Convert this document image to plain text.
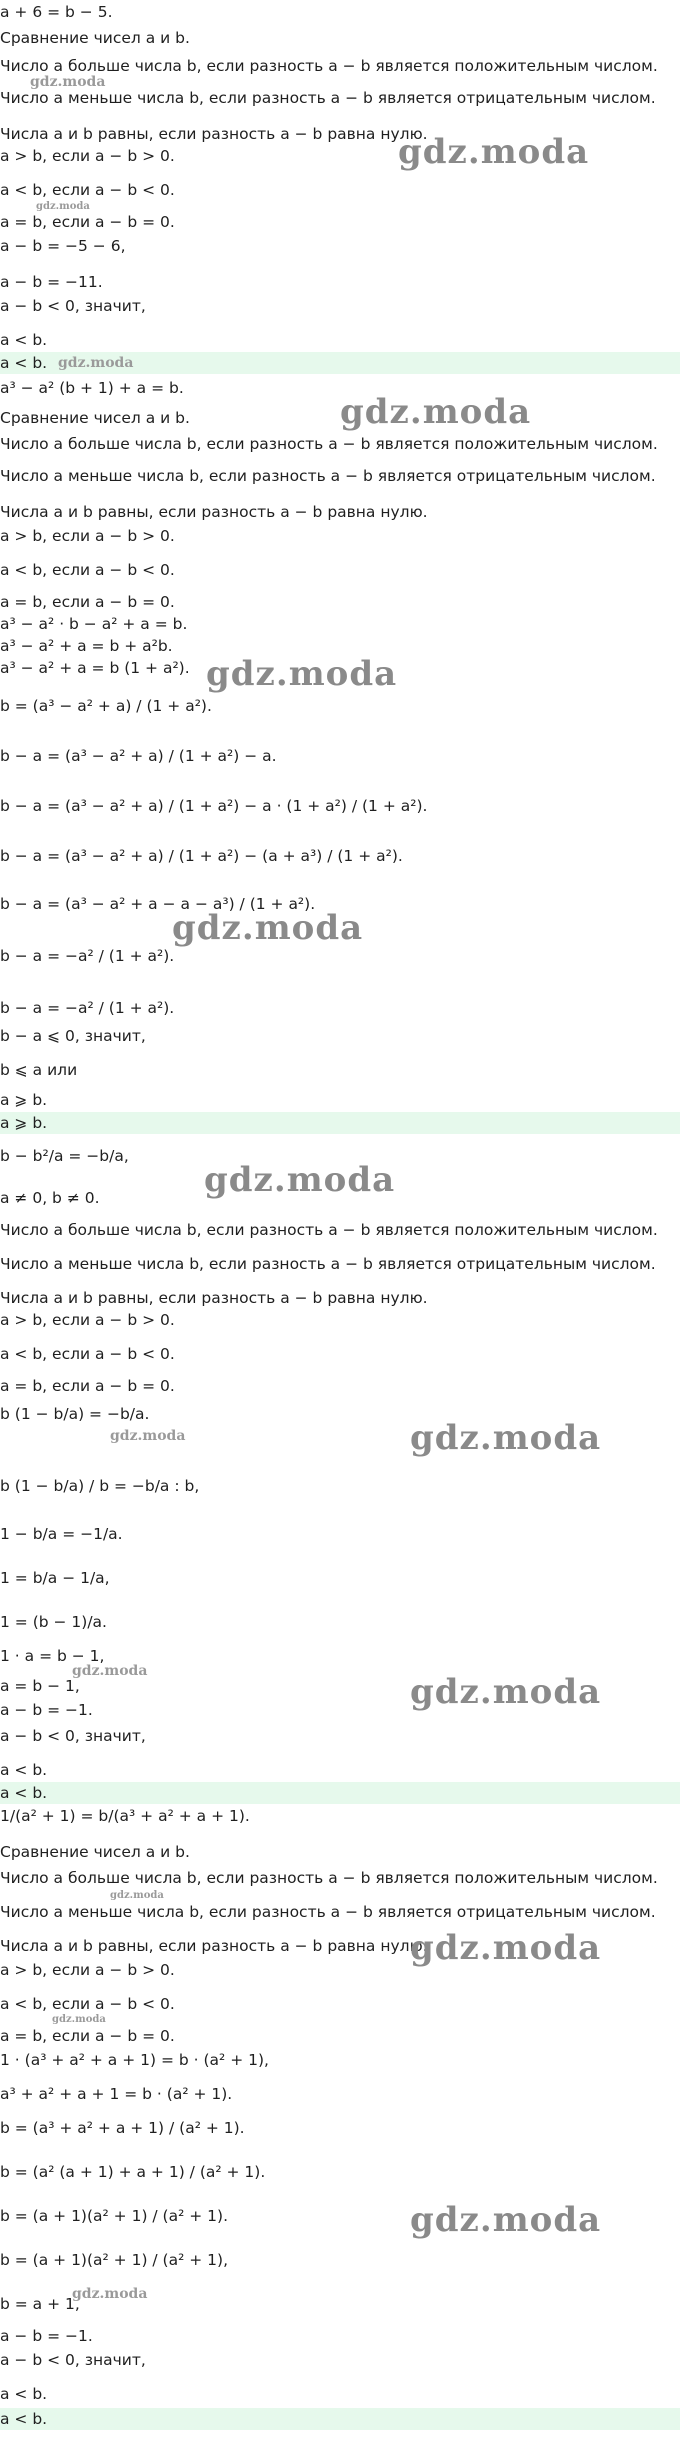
a + 6 = b − 5.
Сравнение чисел a и b.
Число a больше числа b, если разность a − b является положительным числом.
Число a меньше числа b, если разность a − b является отрицательным числом.
Числа a и b равны, если разность a − b равна нулю.
a > b, если a − b > 0.
a < b, если a − b < 0.
a = b, если a − b = 0.
a − b = −5 − 6,
a − b = −11.
a − b < 0, значит,
a < b.
a < b.
a³ − a² (b + 1) + a = b.
Сравнение чисел a и b.
Число a больше числа b, если разность a − b является положительным числом.
Число a меньше числа b, если разность a − b является отрицательным числом.
Числа a и b равны, если разность a − b равна нулю.
a > b, если a − b > 0.
a < b, если a − b < 0.
a = b, если a − b = 0.
a³ − a² · b − a² + a = b.
a³ − a² + a = b + a²b.
a³ − a² + a = b (1 + a²).
b = (a³ − a² + a) / (1 + a²).
b − a = (a³ − a² + a) / (1 + a²) − a.
b − a = (a³ − a² + a) / (1 + a²) − a · (1 + a²) / (1 + a²).
b − a = (a³ − a² + a) / (1 + a²) − (a + a³) / (1 + a²).
b − a = (a³ − a² + a − a − a³) / (1 + a²).
b − a = −a² / (1 + a²).
b − a = −a² / (1 + a²).
b − a ⩽ 0, значит,
b ⩽ a или
a ⩾ b.
a ⩾ b.
b − b²/a = −b/a,
a ≠ 0, b ≠ 0.
Число a больше числа b, если разность a − b является положительным числом.
Число a меньше числа b, если разность a − b является отрицательным числом.
Числа a и b равны, если разность a − b равна нулю.
a > b, если a − b > 0.
a < b, если a − b < 0.
a = b, если a − b = 0.
b (1 − b/a) = −b/a.
b (1 − b/a) / b = −b/a : b,
1 − b/a = −1/a.
1 = b/a − 1/a,
1 = (b − 1)/a.
1 · a = b − 1,
a = b − 1,
a − b = −1.
a − b < 0, значит,
a < b.
a < b.
1/(a² + 1) = b/(a³ + a² + a + 1).
Сравнение чисел a и b.
Число a больше числа b, если разность a − b является положительным числом.
Число a меньше числа b, если разность a − b является отрицательным числом.
Числа a и b равны, если разность a − b равна нулю.
a > b, если a − b > 0.
a < b, если a − b < 0.
a = b, если a − b = 0.
1 · (a³ + a² + a + 1) = b · (a² + 1),
a³ + a² + a + 1 = b · (a² + 1).
b = (a³ + a² + a + 1) / (a² + 1).
b = (a² (a + 1) + a + 1) / (a² + 1).
b = (a + 1)(a² + 1) / (a² + 1).
b = (a + 1)(a² + 1) / (a² + 1),
b = a + 1,
a − b = −1.
a − b < 0, значит,
a < b.
a < b.
gdz.moda
gdz.moda
gdz.moda
gdz.moda
gdz.moda
gdz.moda
gdz.moda
gdz.moda
gdz.moda	gdz.moda
gdz.moda
gdz.moda
gdz.moda
gdz.moda
gdz.moda
gdz.moda
gdz.moda
